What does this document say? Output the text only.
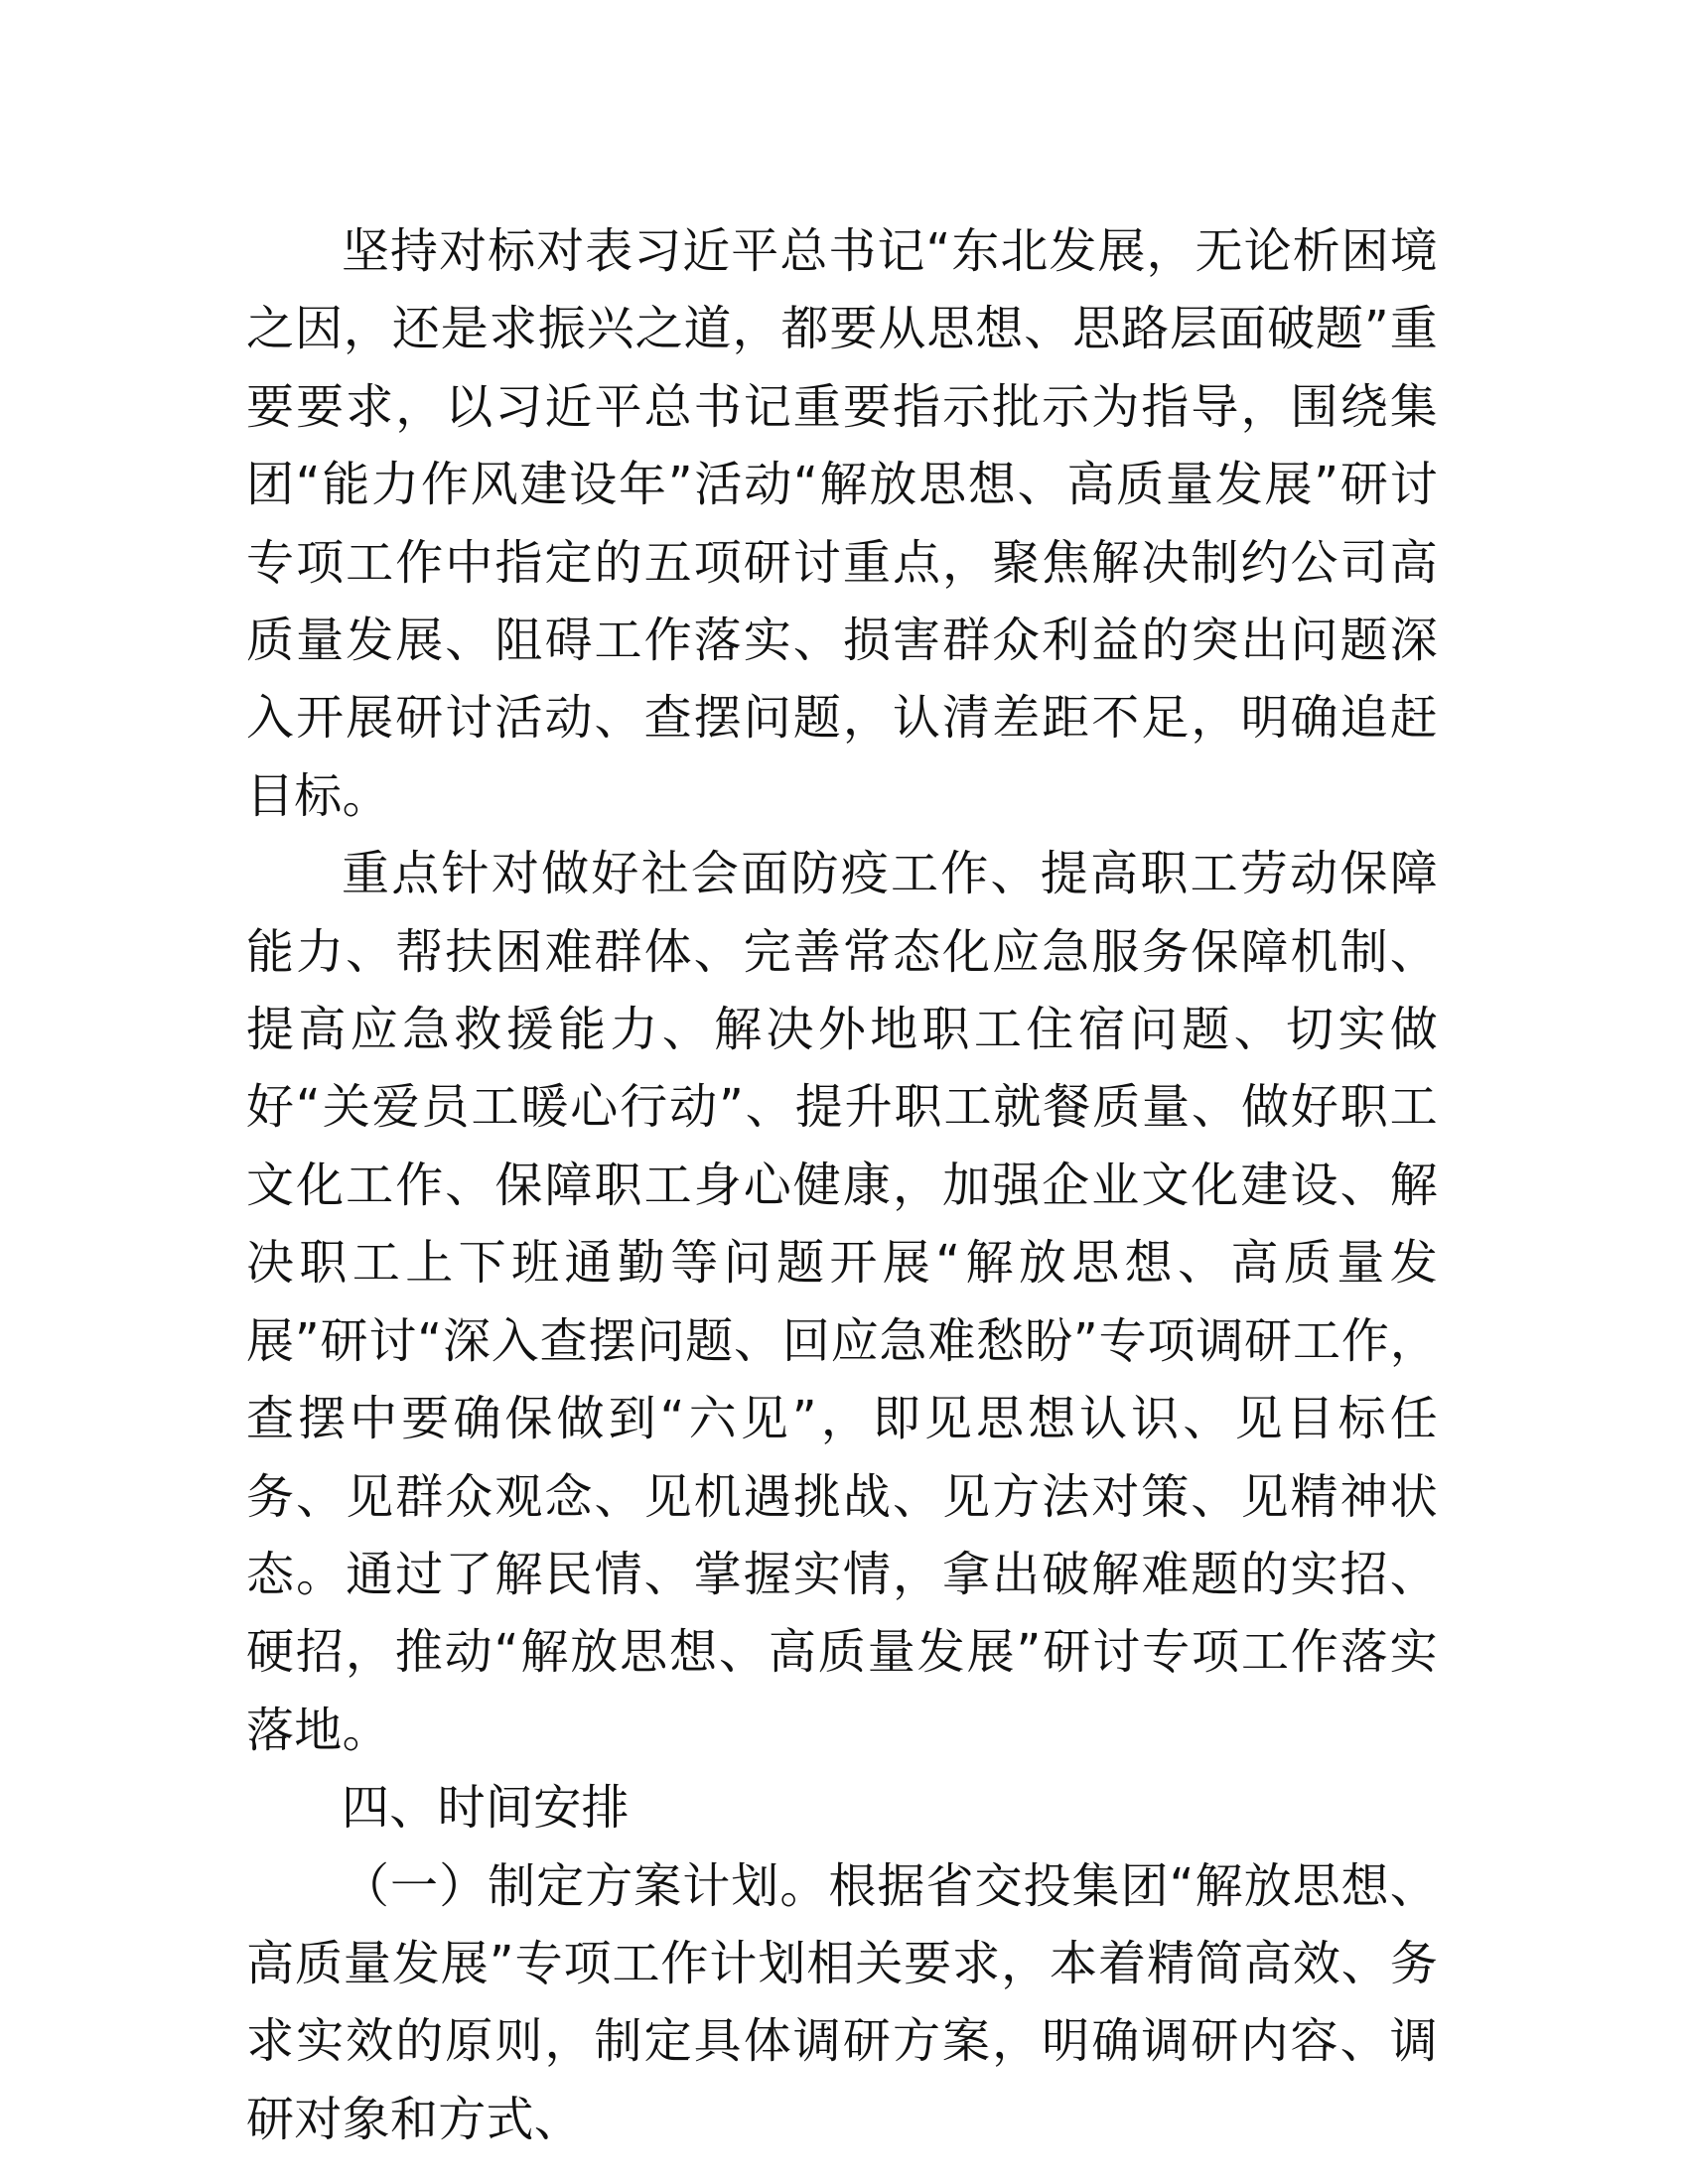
坚持对标对表习近平总书记“东北发展，无论析困境之因，还是求振兴之道，都要从思想、思路层面破题”重要要求，以习近平总书记重要指示批示为指导，围绕集团“能力作风建设年”活动“解放思想、高质量发展”研讨专项工作中指定的五项研讨重点，聚焦解决制约公司高质量发展、阻碍工作落实、损害群众利益的突出问题深入开展研讨活动、查摆问题，认清差距不足，明确追赶目标。

重点针对做好社会面防疫工作、提高职工劳动保障能力、帮扶困难群体、完善常态化应急服务保障机制、提高应急救援能力、解决外地职工住宿问题、切实做好“关爱员工暖心行动”、提升职工就餐质量、做好职工文化工作、保障职工身心健康，加强企业文化建设、解决职工上下班通勤等问题开展“解放思想、高质量发展”研讨“深入查摆问题、回应急难愁盼”专项调研工作，查摆中要确保做到“六见”，即见思想认识、见目标任务、见群众观念、见机遇挑战、见方法对策、见精神状态。通过了解民情、掌握实情，拿出破解难题的实招、硬招，推动“解放思想、高质量发展”研讨专项工作落实落地。

四、时间安排

（一）制定方案计划。根据省交投集团“解放思想、高质量发展”专项工作计划相关要求，本着精简高效、务求实效的原则，制定具体调研方案，明确调研内容、调研对象和方式、
